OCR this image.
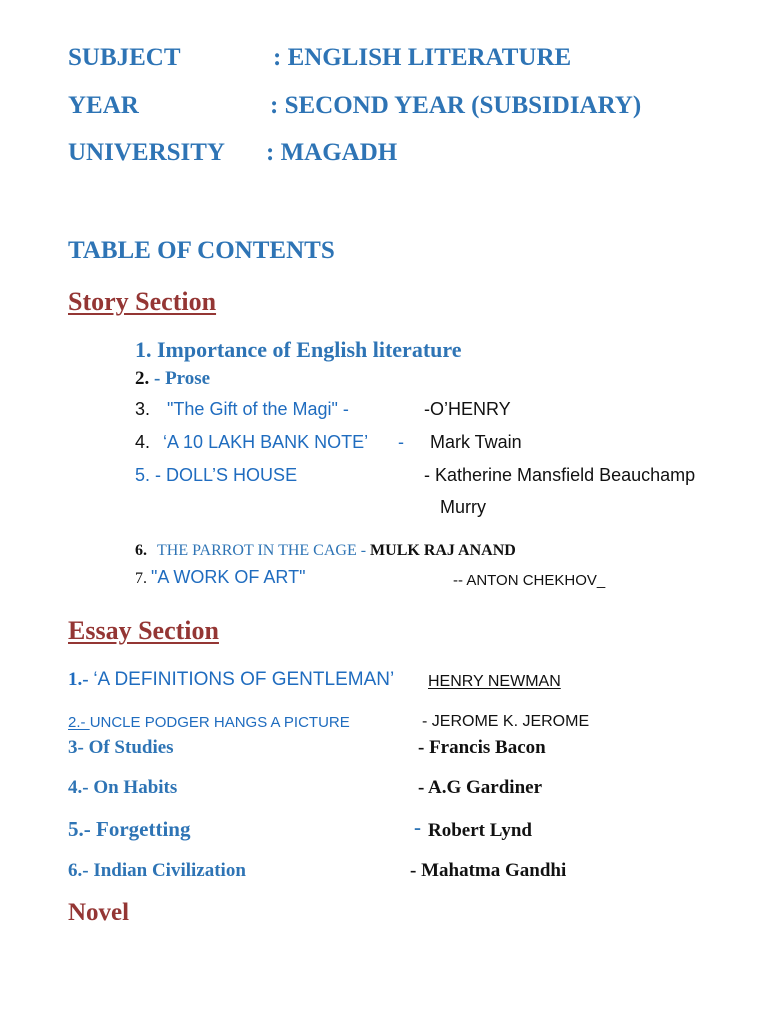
SUBJECT	: ENGLISH LITERATURE
YEAR	: SECOND YEAR (SUBSIDIARY)
UNIVERSITY : MAGADH
TABLE OF CONTENTS
Story Section
1. Importance of English literature
2. - Prose
3. "The Gift of the Magi" -	-O’HENRY
4. ‘A 10 LAKH BANK NOTE’ - Mark Twain
5. - DOLL’S HOUSE	- Katherine Mansfield Beauchamp
Murry
6. THE PARROT IN THE CAGE - MULK RAJ ANAND
7. "A WORK OF ART"	-- ANTON CHEKHOV_
Essay Section
1.- ‘A DEFINITIONS OF GENTLEMAN’ HENRY NEWMAN
2.- UNCLE PODGER HANGS A PICTURE	- JEROME K. JEROME
3- Of Studies	- Francis Bacon
4.- On Habits	- A.G Gardiner
5.- Forgetting	- Robert Lynd
6.- Indian Civilization	- Mahatma Gandhi
Novel
